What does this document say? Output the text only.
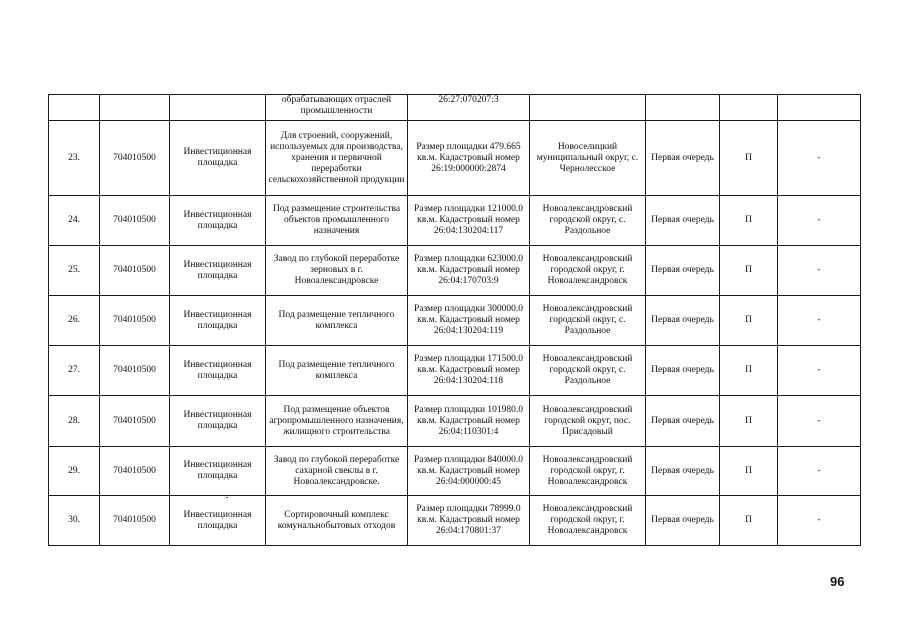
			обрабатывающих отраслей промышленности	26:27:070207:3				
23.	704010500	Инвестиционная площадка	Для строений, сооружений, используемых для производства, хранения и первичной переработки сельскохозяйственной продукции	Размер площадки 479.665 кв.м. Кадастровый номер 26:19:000000:2874	Новоселицкий муниципальный округ, с. Чернолесское	Первая очередь	П	-
24.	704010500	Инвестиционная площадка	Под размещение строительства объектов промышленного назначения	Размер площадки 121000.0 кв.м. Кадастровый номер 26:04:130204:117	Новоалександровский городской округ, с. Раздольное	Первая очередь	П	-
25.	704010500	Инвестиционная площадка	Завод по глубокой переработке зерновых в г. Новоалександровске	Размер площадки 623000.0 кв.м. Кадастровый номер 26:04:170703:9	Новоалександровский городской округ, г. Новоалександровск	Первая очередь	П	-
26.	704010500	Инвестиционная площадка	Под размещение тепличного комплекса	Размер площадки 300000.0 кв.м. Кадастровый номер 26:04:130204:119	Новоалександровский городской округ, с. Раздольное	Первая очередь	П	-
27.	704010500	Инвестиционная площадка	Под размещение тепличного комплекса	Размер площадки 171500.0 кв.м. Кадастровый номер 26:04:130204:118	Новоалександровский городской округ, с. Раздольное	Первая очередь	П	-
28.	704010500	Инвестиционная площадка	Под размещение объектов агропромышленного назначения, жилищного строительства	Размер площадки 101980.0 кв.м. Кадастровый номер 26:04:110301:4	Новоалександровский городской округ, пос. Присадовый	Первая очередь	П	-
29.	704010500	Инвестиционная площадка	Завод по глубокой переработке сахарной свеклы в г. Новоалександровске.	Размер площадки 840000.0 кв.м. Кадастровый номер 26:04:000000:45	Новоалександровский городской округ, г. Новоалександровск	Первая очередь	П	-
30.	704010500	Инвестиционная площадка	Сортировочный комплекс комунальнобытовых отходов	Размер площадки 78999.0 кв.м. Кадастровый номер 26:04:170801:37	Новоалександровский городской округ, г. Новоалександровск	Первая очередь	П	-
96
